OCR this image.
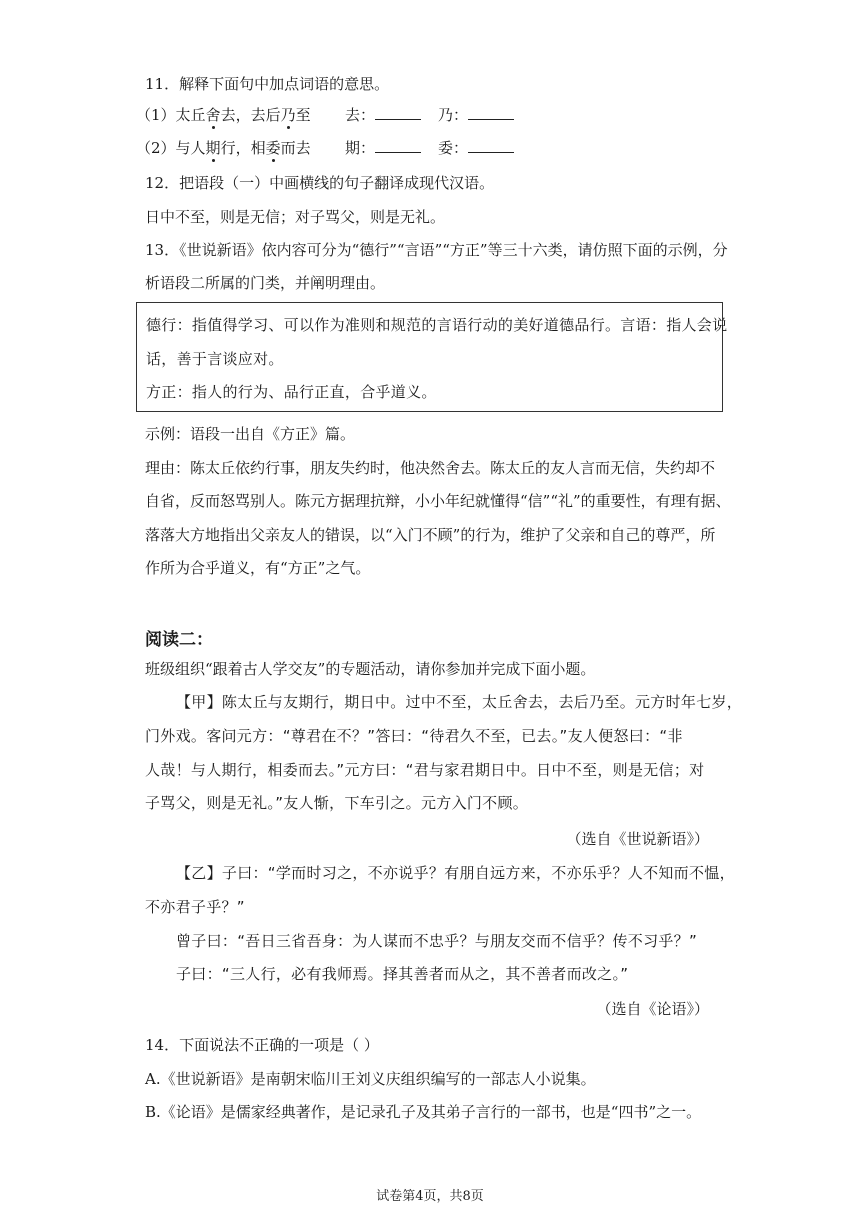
11．解释下面句中加点词语的意思。
（1）太丘舍去，去后乃至 去：	乃：
（2）与人期行，相委而去 期：	委：
12．把语段（一）中画横线的句子翻译成现代汉语。
日中不至，则是无信；对子骂父，则是无礼。
13．《世说新语》依内容可分为“德行”“言语”“方正”等三十六类，请仿照下面的示例，分
析语段二所属的门类，并阐明理由。
德行：指值得学习、可以作为准则和规范的言语行动的美好道德品行。言语：指人会说
话，善于言谈应对。
方正：指人的行为、品行正直，合乎道义。
示例：语段一出自《方正》篇。
理由：陈太丘依约行事，朋友失约时，他决然舍去。陈太丘的友人言而无信，失约却不
自省，反而怒骂别人。陈元方据理抗辩，小小年纪就懂得“信”“礼”的重要性，有理有据、
落落大方地指出父亲友人的错误，以“入门不顾”的行为，维护了父亲和自己的尊严，所
作所为合乎道义，有“方正”之气。
阅读二：
班级组织“跟着古人学交友”的专题活动，请你参加并完成下面小题。
【甲】陈太丘与友期行，期日中。过中不至，太丘舍去，去后乃至。元方时年七岁，
门外戏。客问元方：“尊君在不？”答曰：“待君久不至，已去。”友人便怒曰：“非
人哉！与人期行，相委而去。”元方曰：“君与家君期日中。日中不至，则是无信；对
子骂父，则是无礼。”友人惭，下车引之。元方入门不顾。
（选自《世说新语》）
【乙】子曰：“学而时习之，不亦说乎？有朋自远方来，不亦乐乎？人不知而不愠，
不亦君子乎？”
曾子曰：“吾日三省吾身：为人谋而不忠乎？与朋友交而不信乎？传不习乎？”
子曰：“三人行，必有我师焉。择其善者而从之，其不善者而改之。”
（选自《论语》）
14．下面说法不正确的一项是（ ）
A.《世说新语》是南朝宋临川王刘义庆组织编写的一部志人小说集。
B.《论语》是儒家经典著作，是记录孔子及其弟子言行的一部书，也是“四书”之一。
试卷第4页，共8页
